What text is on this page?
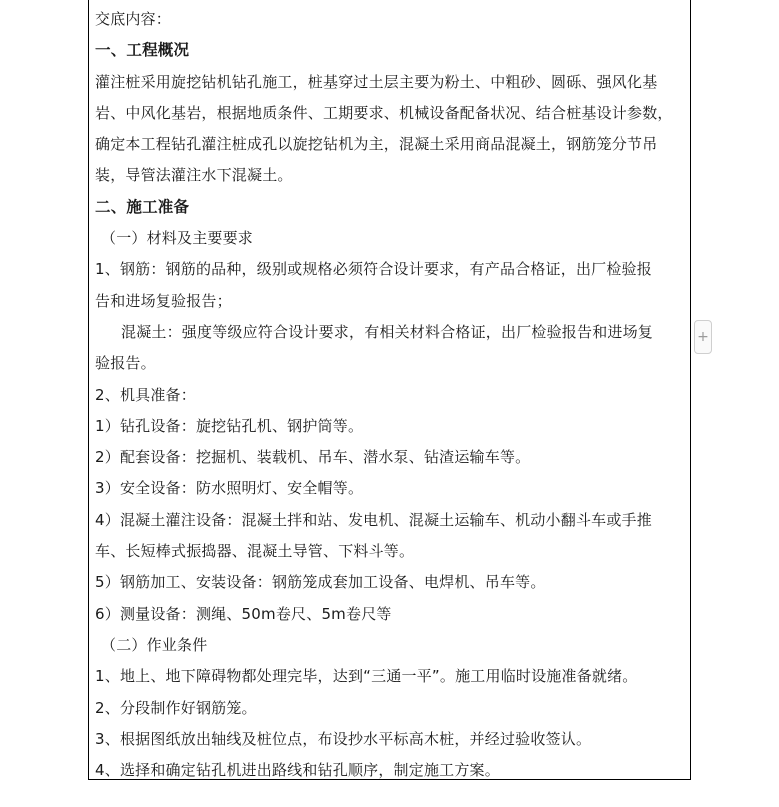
交底内容：
一、工程概况
灌注桩采用旋挖钻机钻孔施工，桩基穿过土层主要为粉土、中粗砂、圆砾、强风化基
岩、中风化基岩，根据地质条件、工期要求、机械设备配备状况、结合桩基设计参数，
确定本工程钻孔灌注桩成孔以旋挖钻机为主，混凝土采用商品混凝土，钢筋笼分节吊
装，导管法灌注水下混凝土。
二、施工准备
（一）材料及主要要求
1、钢筋：钢筋的品种，级别或规格必须符合设计要求，有产品合格证，出厂检验报
告和进场复验报告；
混凝土：强度等级应符合设计要求，有相关材料合格证，出厂检验报告和进场复
验报告。
2、机具准备：
1）钻孔设备：旋挖钻孔机、钢护筒等。
2）配套设备：挖掘机、装载机、吊车、潜水泵、钻渣运输车等。
3）安全设备：防水照明灯、安全帽等。
4）混凝土灌注设备：混凝土拌和站、发电机、混凝土运输车、机动小翻斗车或手推
车、长短棒式振捣器、混凝土导管、下料斗等。
5）钢筋加工、安装设备：钢筋笼成套加工设备、电焊机、吊车等。
6）测量设备：测绳、50m卷尺、5m卷尺等
（二）作业条件
1、地上、地下障碍物都处理完毕，达到“三通一平”。施工用临时设施准备就绪。
2、分段制作好钢筋笼。
3、根据图纸放出轴线及桩位点，布设抄水平标高木桩，并经过验收签认。
4、选择和确定钻孔机进出路线和钻孔顺序，制定施工方案。
+
